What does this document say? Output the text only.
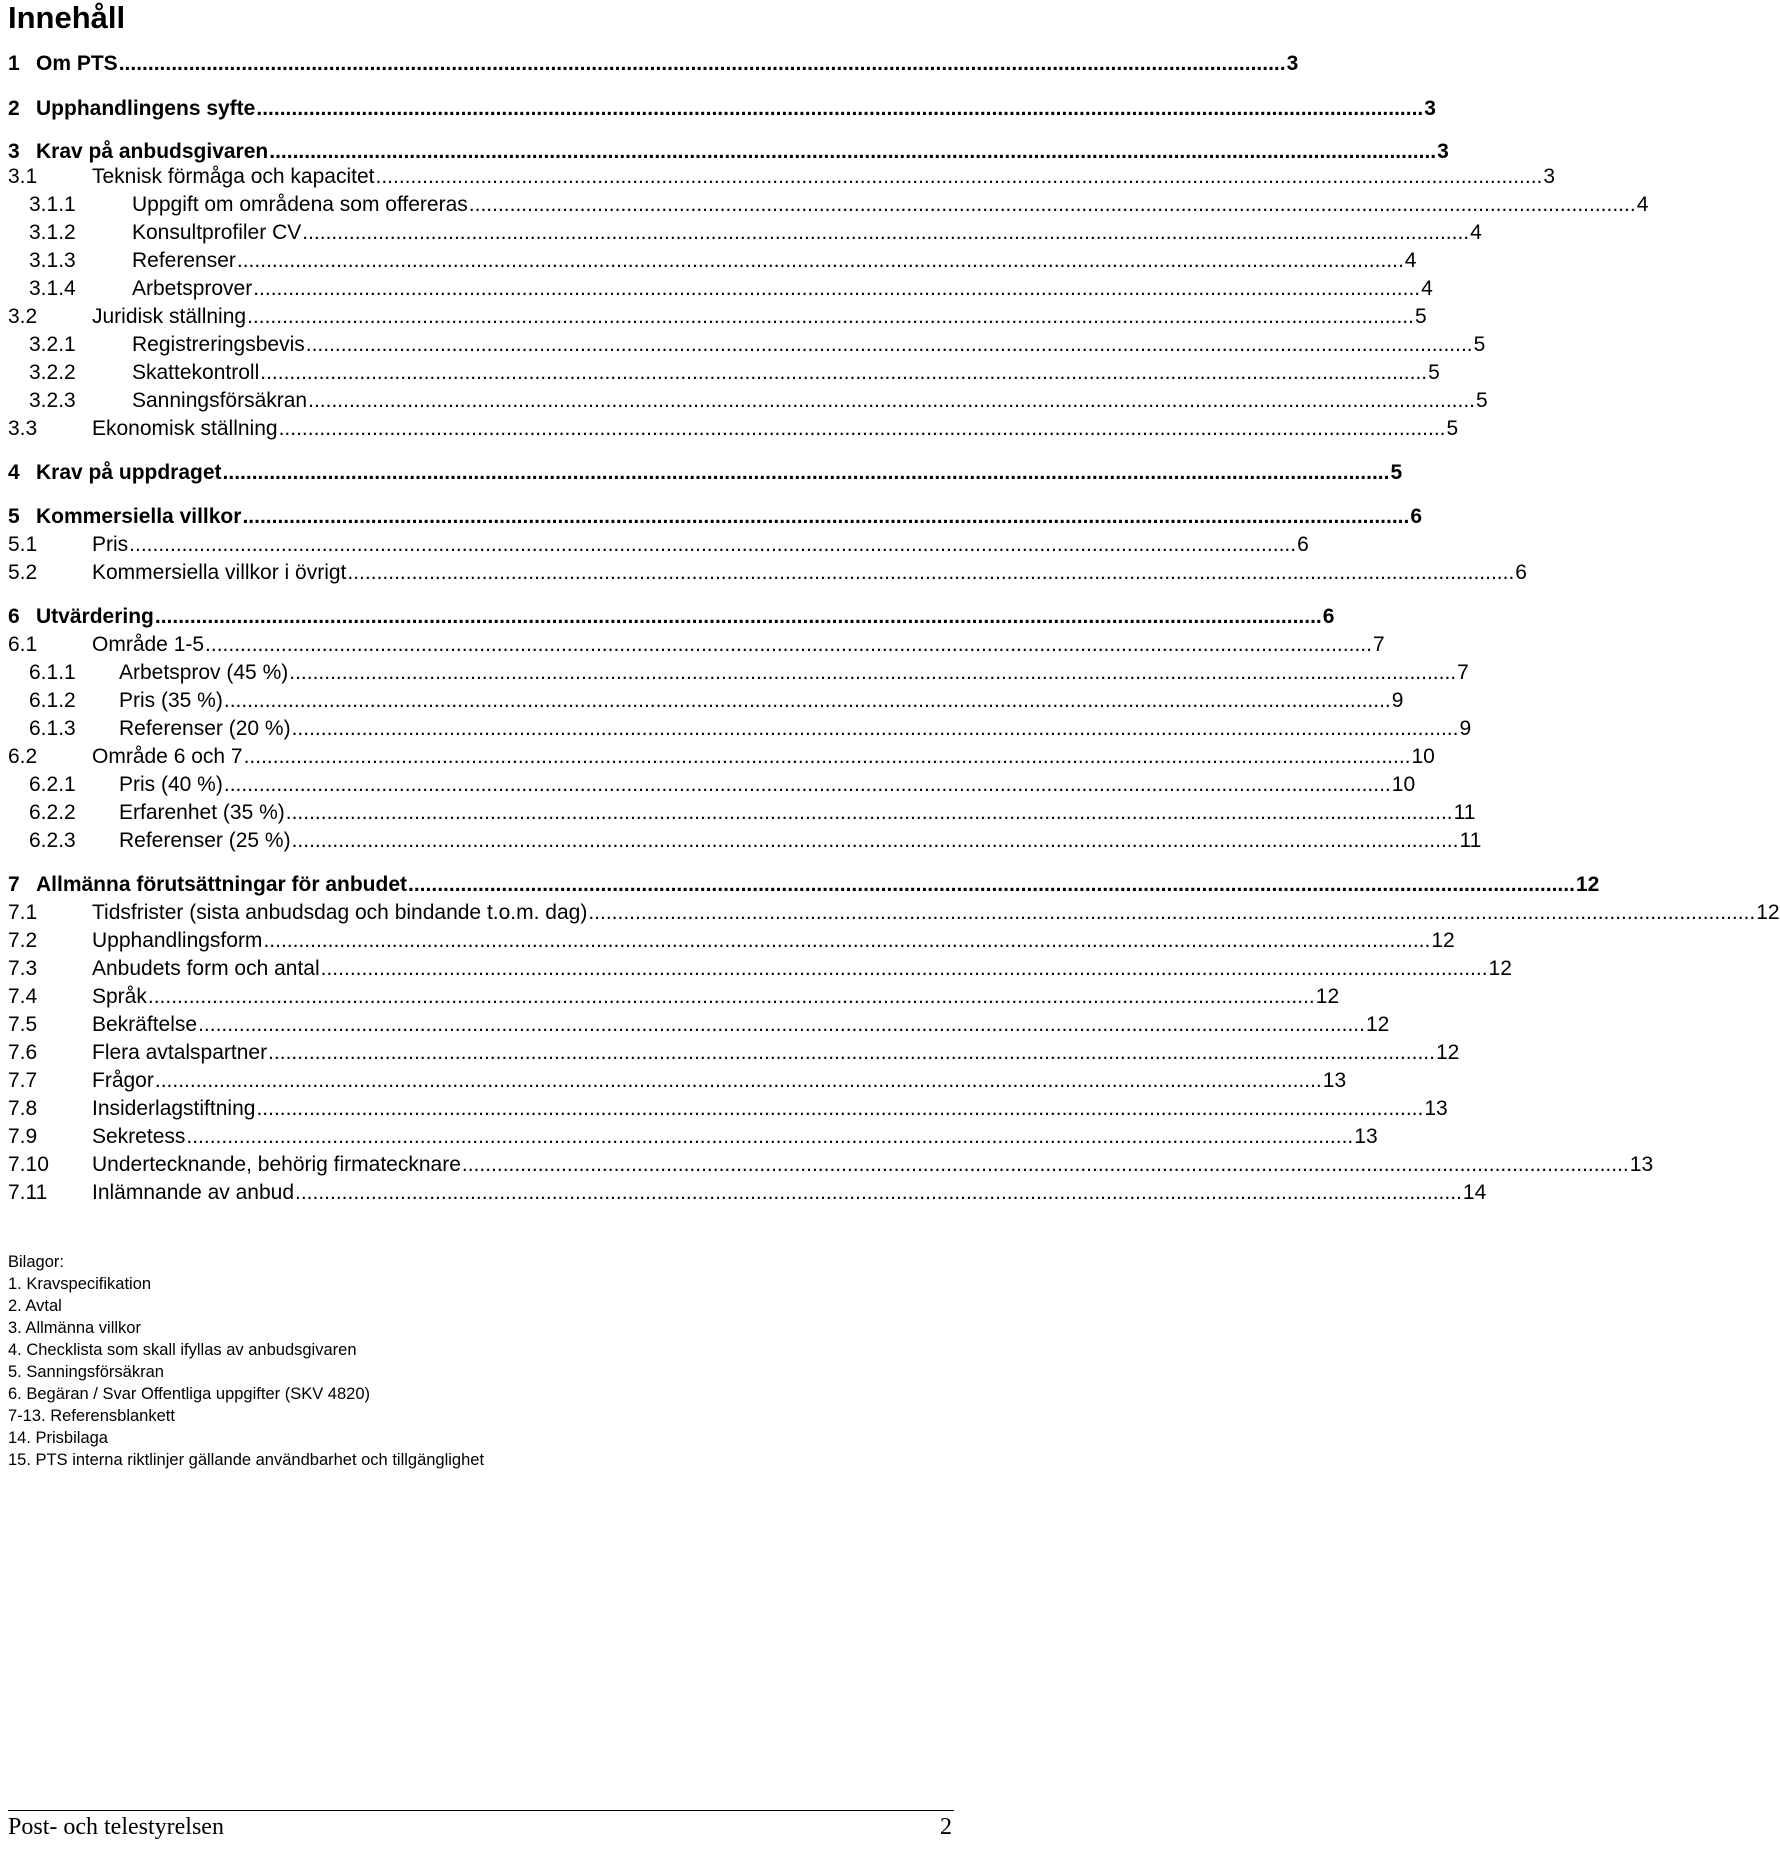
Innehåll
1 Om PTS ........................................................................................................................................................................................................ 3
2 Upphandlingens syfte ........................................................................................................................................................................................................ 3
3 Krav på anbudsgivaren ........................................................................................................................................................................................................ 3
3.1	Teknisk förmåga och kapacitet ........................................................................................................................................................................................................ 3
3.1.1	Uppgift om områdena som offereras ........................................................................................................................................................................................................ 4
3.1.2	Konsultprofiler CV ........................................................................................................................................................................................................ 4
3.1.3	Referenser ........................................................................................................................................................................................................ 4
3.1.4	Arbetsprover ........................................................................................................................................................................................................ 4
3.2	Juridisk ställning ........................................................................................................................................................................................................ 5
3.2.1	Registreringsbevis ........................................................................................................................................................................................................ 5
3.2.2	Skattekontroll ........................................................................................................................................................................................................ 5
3.2.3	Sanningsförsäkran ........................................................................................................................................................................................................ 5
3.3	Ekonomisk ställning ........................................................................................................................................................................................................ 5
4 Krav på uppdraget ........................................................................................................................................................................................................ 5
5 Kommersiella villkor ........................................................................................................................................................................................................ 6
5.1	Pris ........................................................................................................................................................................................................ 6
5.2	Kommersiella villkor i övrigt ........................................................................................................................................................................................................ 6
6 Utvärdering ........................................................................................................................................................................................................ 6
6.1	Område 1-5 ........................................................................................................................................................................................................ 7
6.1.1 Arbetsprov (45 %) ........................................................................................................................................................................................................ 7
6.1.2 Pris (35 %) ........................................................................................................................................................................................................ 9
6.1.3 Referenser (20 %) ........................................................................................................................................................................................................ 9
6.2	Område 6 och 7 ........................................................................................................................................................................................................ 10
6.2.1 Pris (40 %) ........................................................................................................................................................................................................ 10
6.2.2 Erfarenhet (35 %) ........................................................................................................................................................................................................ 11
6.2.3 Referenser (25 %) ........................................................................................................................................................................................................ 11
7 Allmänna förutsättningar för anbudet ........................................................................................................................................................................................................ 12
7.1	Tidsfrister (sista anbudsdag och bindande t.o.m. dag) ........................................................................................................................................................................................................ 12
7.2	Upphandlingsform ........................................................................................................................................................................................................ 12
7.3	Anbudets form och antal ........................................................................................................................................................................................................ 12
7.4	Språk ........................................................................................................................................................................................................ 12
7.5	Bekräftelse ........................................................................................................................................................................................................ 12
7.6	Flera avtalspartner ........................................................................................................................................................................................................ 12
7.7	Frågor ........................................................................................................................................................................................................ 13
7.8	Insiderlagstiftning ........................................................................................................................................................................................................ 13
7.9	Sekretess ........................................................................................................................................................................................................ 13
7.10 Undertecknande, behörig firmatecknare ........................................................................................................................................................................................................ 13
7.11 Inlämnande av anbud ........................................................................................................................................................................................................ 14
Bilagor:
1. Kravspecifikation
2. Avtal
3. Allmänna villkor
4. Checklista som skall ifyllas av anbudsgivaren
5. Sanningsförsäkran
6. Begäran / Svar Offentliga uppgifter (SKV 4820)
7-13. Referensblankett
14. Prisbilaga
15. PTS interna riktlinjer gällande användbarhet och tillgänglighet
Post- och telestyrelsen	2
